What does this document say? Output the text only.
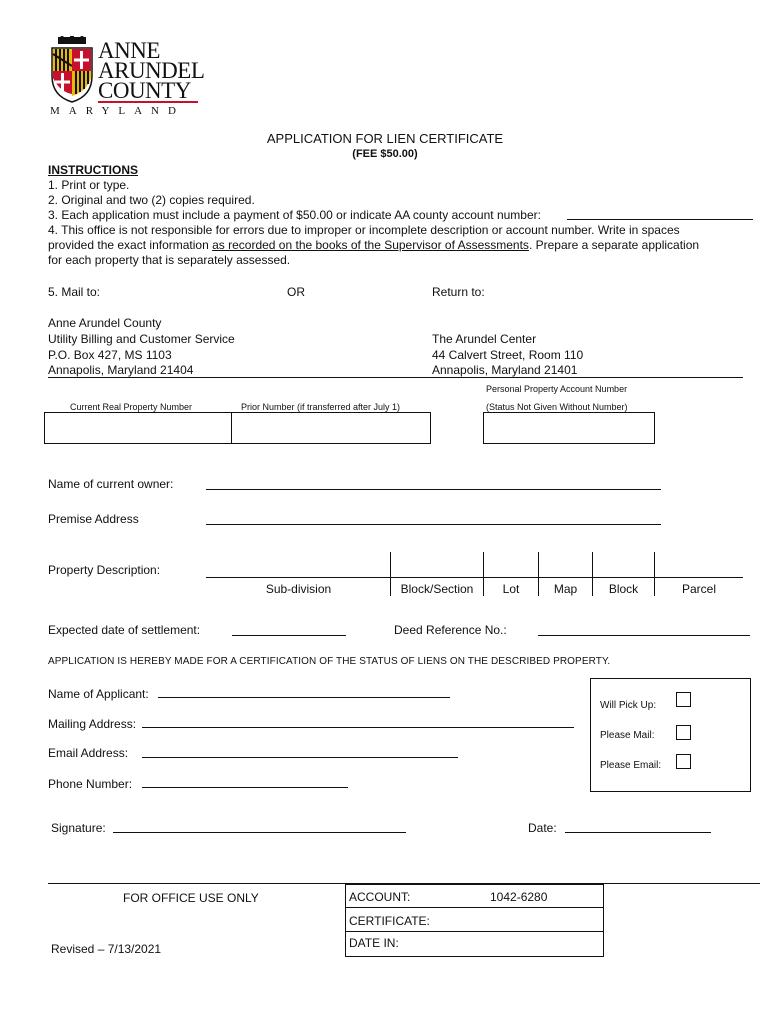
ANNE
ARUNDEL
COUNTY
MARYLAND
APPLICATION FOR LIEN CERTIFICATE
(FEE $50.00)
INSTRUCTIONS
1. Print or type.
2. Original and two (2) copies required.
3. Each application must include a payment of $50.00 or indicate AA county account number:
4. This office is not responsible for errors due to improper or incomplete description or account number. Write in spaces
provided the exact information as recorded on the books of the Supervisor of Assessments. Prepare a separate application
for each property that is separately assessed.
5. Mail to:	OR	Return to:
Anne Arundel County
Utility Billing and Customer Service
P.O. Box 427, MS 1103
Annapolis, Maryland 21404
The Arundel Center
44 Calvert Street, Room 110
Annapolis, Maryland 21401
Personal Property Account Number
Current Real Property Number	Prior Number (if transferred after July 1)	(Status Not Given Without Number)
Name of current owner:
Premise Address
Property Description:
Sub-division	Block/Section	Lot	Map	Block	Parcel
Expected date of settlement:	Deed Reference No.:
APPLICATION IS HEREBY MADE FOR A CERTIFICATION OF THE STATUS OF LIENS ON THE DESCRIBED PROPERTY.
Name of Applicant:
Mailing Address:
Email Address:
Phone Number:
Will Pick Up:
Please Mail:
Please Email:
Signature:	Date:
FOR OFFICE USE ONLY	ACCOUNT:	1042-6280
CERTIFICATE:
DATE IN:
Revised – 7/13/2021
